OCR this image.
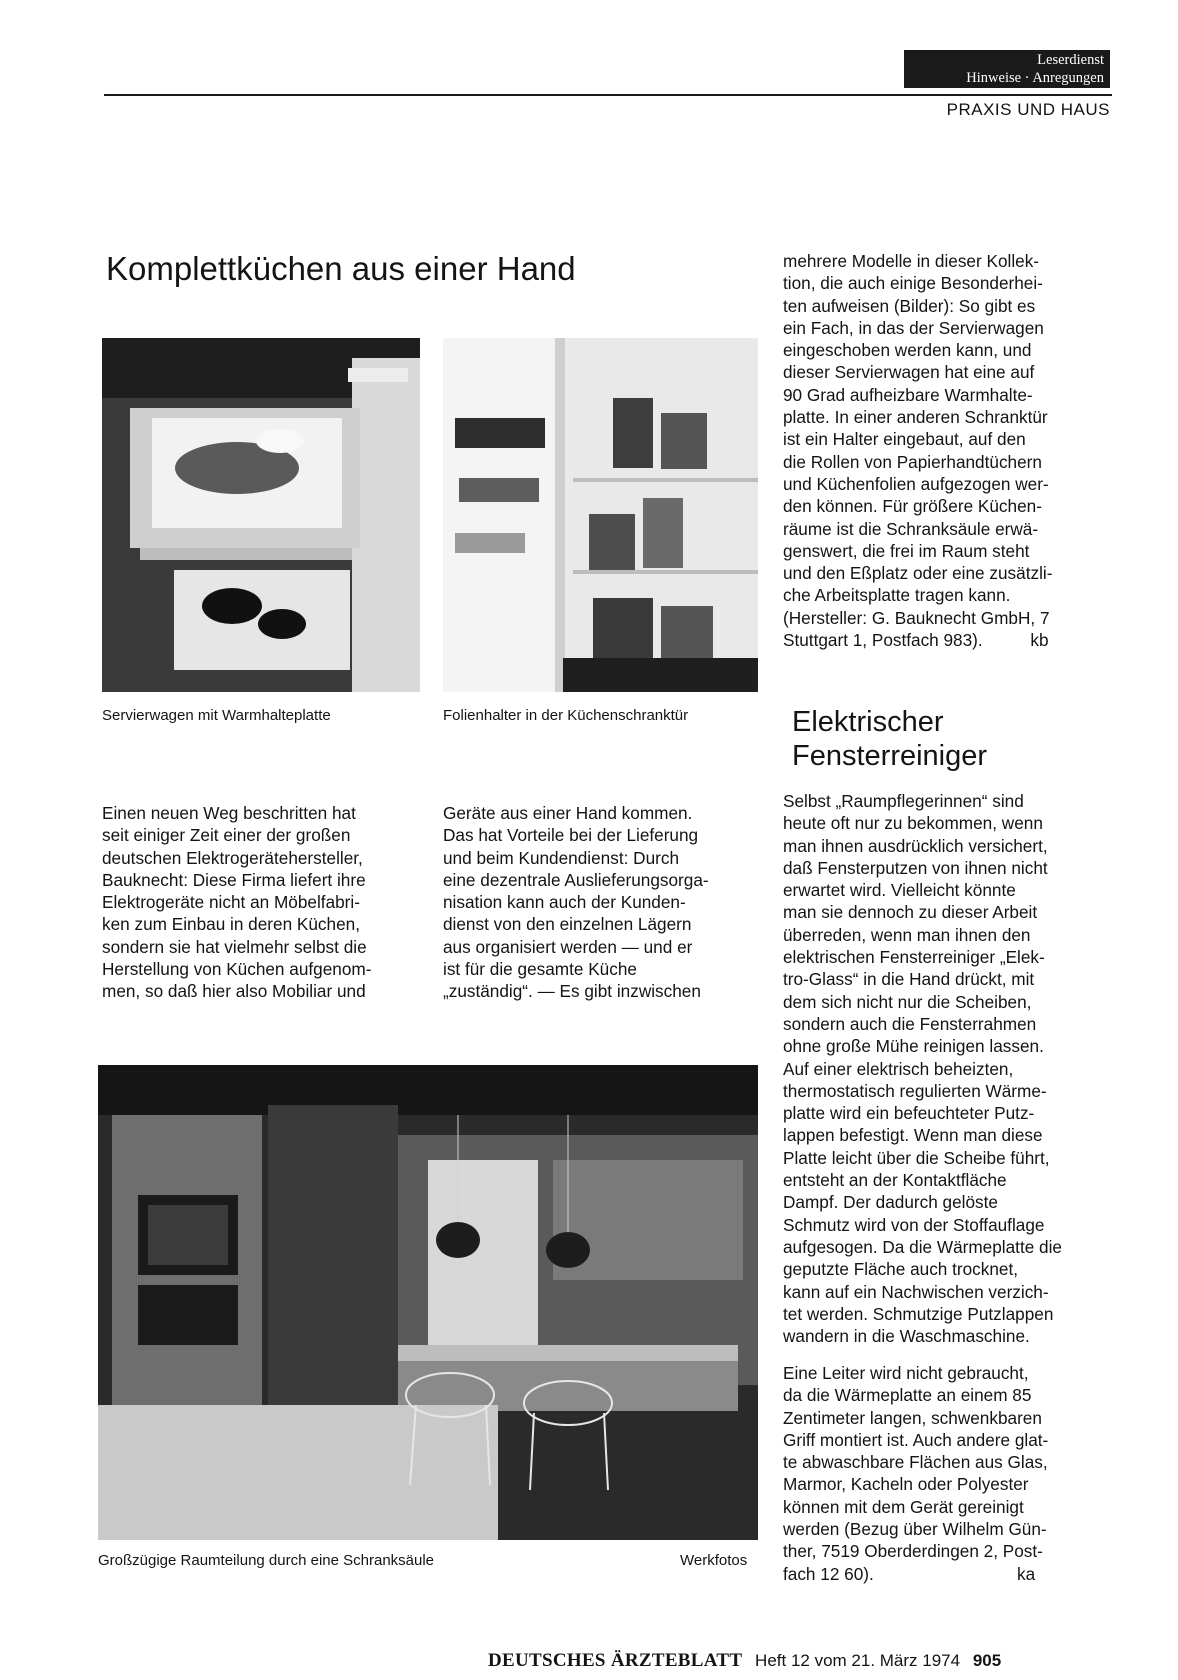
Leserdienst
Hinweise · Anregungen
PRAXIS UND HAUS
Komplettküchen aus einer Hand
Servierwagen mit Warmhalteplatte	Folienhalter in der Küchenschranktür
mehrere Modelle in dieser Kollek-
tion, die auch einige Besonderhei-
ten aufweisen (Bilder): So gibt es
ein Fach, in das der Servierwagen
eingeschoben werden kann, und
dieser Servierwagen hat eine auf
90 Grad aufheizbare Warmhalte-
platte. In einer anderen Schranktür
ist ein Halter eingebaut, auf den
die Rollen von Papierhandtüchern
und Küchenfolien aufgezogen wer-
den können. Für größere Küchen-
räume ist die Schranksäule erwä-
genswert, die frei im Raum steht
und den Eßplatz oder eine zusätzli-
che Arbeitsplatte tragen kann.
(Hersteller: G. Bauknecht GmbH, 7
Stuttgart 1, Postfach 983).          kb
Elektrischer
Fensterreiniger
Einen neuen Weg beschritten hat
seit einiger Zeit einer der großen
deutschen Elektrogerätehersteller,
Bauknecht: Diese Firma liefert ihre
Elektrogeräte nicht an Möbelfabri-
ken zum Einbau in deren Küchen,
sondern sie hat vielmehr selbst die
Herstellung von Küchen aufgenom-
men, so daß hier also Mobiliar und
Geräte aus einer Hand kommen.
Das hat Vorteile bei der Lieferung
und beim Kundendienst: Durch
eine dezentrale Auslieferungsorga-
nisation kann auch der Kunden-
dienst von den einzelnen Lägern
aus organisiert werden — und er
ist für die gesamte Küche
„zuständig“. — Es gibt inzwischen
Selbst „Raumpflegerinnen“ sind
heute oft nur zu bekommen, wenn
man ihnen ausdrücklich versichert,
daß Fensterputzen von ihnen nicht
erwartet wird. Vielleicht könnte
man sie dennoch zu dieser Arbeit
überreden, wenn man ihnen den
elektrischen Fensterreiniger „Elek-
tro-Glass“ in die Hand drückt, mit
dem sich nicht nur die Scheiben,
sondern auch die Fensterrahmen
ohne große Mühe reinigen lassen.
Auf einer elektrisch beheizten,
thermostatisch regulierten Wärme-
platte wird ein befeuchteter Putz-
lappen befestigt. Wenn man diese
Platte leicht über die Scheibe führt,
entsteht an der Kontaktfläche
Dampf. Der dadurch gelöste
Schmutz wird von der Stoffauflage
aufgesogen. Da die Wärmeplatte die
geputzte Fläche auch trocknet,
kann auf ein Nachwischen verzich-
tet werden. Schmutzige Putzlappen
wandern in die Waschmaschine.
Eine Leiter wird nicht gebraucht,
da die Wärmeplatte an einem 85
Zentimeter langen, schwenkbaren
Griff montiert ist. Auch andere glat-
te abwaschbare Flächen aus Glas,
Marmor, Kacheln oder Polyester
können mit dem Gerät gereinigt
werden (Bezug über Wilhelm Gün-
ther, 7519 Oberderdingen 2, Post-
fach 12 60).                              ka
Großzügige Raumteilung durch eine Schranksäule	Werkfotos
DEUTSCHES ÄRZTEBLATT Heft 12 vom 21. März 1974 905
